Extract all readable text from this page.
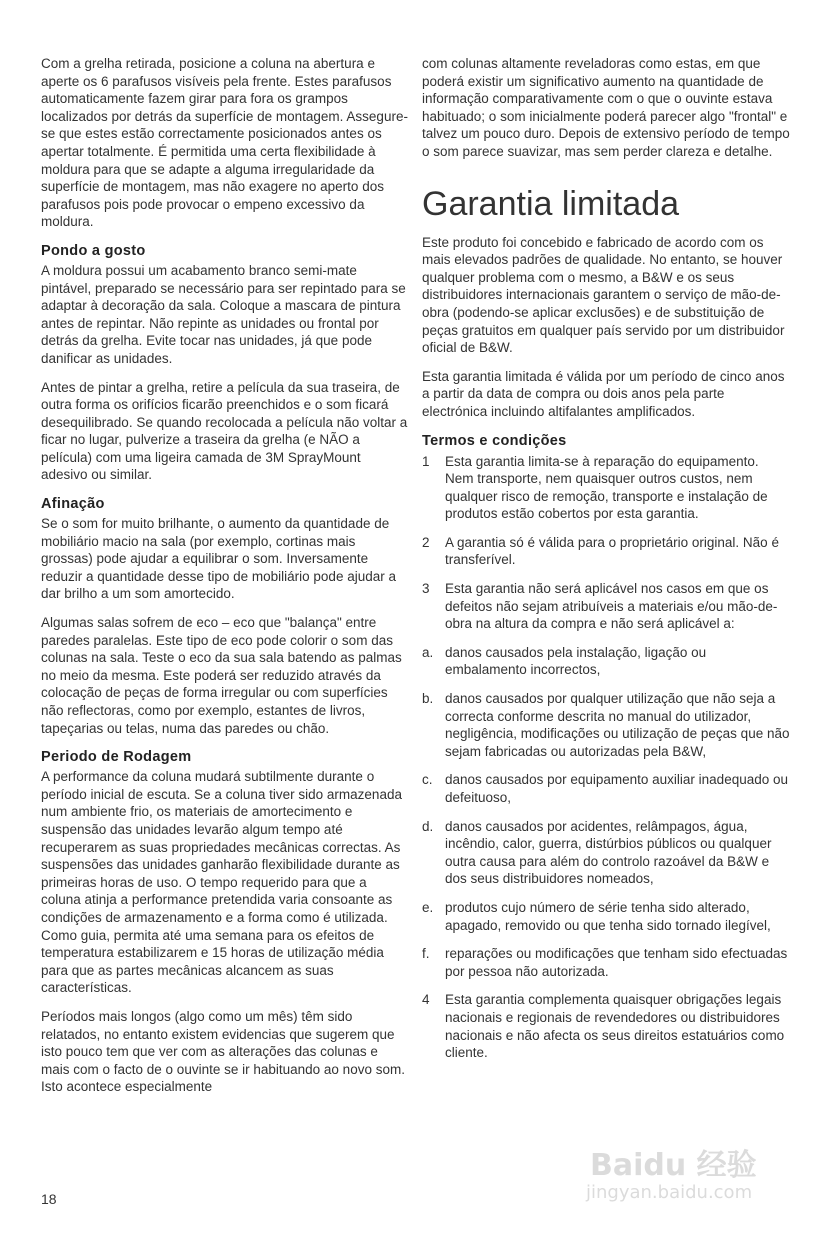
Com a grelha retirada, posicione a coluna na abertura e aperte os 6 parafusos visíveis pela frente. Estes parafusos automaticamente fazem girar para fora os grampos localizados por detrás da superfície de montagem. Assegure-se que estes estão correctamente posicionados antes os apertar totalmente. É permitida uma certa flexibilidade à moldura para que se adapte a alguma irregularidade da superfície de montagem, mas não exagere no aperto dos parafusos pois pode provocar o empeno excessivo da moldura.

Pondo a gosto

A moldura possui um acabamento branco semi-mate pintável, preparado se necessário para ser repintado para se adaptar à decoração da sala. Coloque a mascara de pintura antes de repintar. Não repinte as unidades ou frontal por detrás da grelha. Evite tocar nas unidades, já que pode danificar as unidades.

Antes de pintar a grelha, retire a película da sua traseira, de outra forma os orifícios ficarão preenchidos e o som ficará desequilibrado. Se quando recolocada a película não voltar a ficar no lugar, pulverize a traseira da grelha (e NÃO a película) com uma ligeira camada de 3M SprayMount adesivo ou similar.

Afinação

Se o som for muito brilhante, o aumento da quantidade de mobiliário macio na sala (por exemplo, cortinas mais grossas) pode ajudar a equilibrar o som. Inversamente reduzir a quantidade desse tipo de mobiliário pode ajudar a dar brilho a um som amortecido.

Algumas salas sofrem de eco – eco que "balança" entre paredes paralelas. Este tipo de eco pode colorir o som das colunas na sala. Teste o eco da sua sala batendo as palmas no meio da mesma. Este poderá ser reduzido através da colocação de peças de forma irregular ou com superfícies não reflectoras, como por exemplo, estantes de livros, tapeçarias ou telas, numa das paredes ou chão.

Periodo de Rodagem

A performance da coluna mudará subtilmente durante o período inicial de escuta. Se a coluna tiver sido armazenada num ambiente frio, os materiais de amortecimento e suspensão das unidades levarão algum tempo até recuperarem as suas propriedades mecânicas correctas. As suspensões das unidades ganharão flexibilidade durante as primeiras horas de uso. O tempo requerido para que a coluna atinja a performance pretendida varia consoante as condições de armazenamento e a forma como é utilizada. Como guia, permita até uma semana para os efeitos de temperatura estabilizarem e 15 horas de utilização média para que as partes mecânicas alcancem as suas características.

Períodos mais longos (algo como um mês) têm sido relatados, no entanto existem evidencias que sugerem que isto pouco tem que ver com as alterações das colunas e mais com o facto de o ouvinte se ir habituando ao novo som. Isto acontece especialmente

com colunas altamente reveladoras como estas, em que poderá existir um significativo aumento na quantidade de informação comparativamente com o que o ouvinte estava habituado; o som inicialmente poderá parecer algo "frontal" e talvez um pouco duro. Depois de extensivo período de tempo o som parece suavizar, mas sem perder clareza e detalhe.

Garantia limitada

Este produto foi concebido e fabricado de acordo com os mais elevados padrões de qualidade. No entanto, se houver qualquer problema com o mesmo, a B&W e os seus distribuidores internacionais garantem o serviço de mão-de-obra (podendo-se aplicar exclusões) e de substituição de peças gratuitos em qualquer país servido por um distribuidor oficial de B&W.

Esta garantia limitada é válida por um período de cinco anos a partir da data de compra ou dois anos pela parte electrónica incluindo altifalantes amplificados.

Termos e condições
1	Esta garantia limita-se à reparação do equipamento. Nem transporte, nem quaisquer outros custos, nem qualquer risco de remoção, transporte e instalação de produtos estão cobertos por esta garantia.
2	A garantia só é válida para o proprietário original. Não é transferível.
3	Esta garantia não será aplicável nos casos em que os defeitos não sejam atribuíveis a materiais e/ou mão-de-obra na altura da compra e não será aplicável a:
a. danos causados pela instalação, ligação ou embalamento incorrectos,
b. danos causados por qualquer utilização que não seja a correcta conforme descrita no manual do utilizador, negligência, modificações ou utilização de peças que não sejam fabricadas ou autorizadas pela B&W,
c. danos causados por equipamento auxiliar inadequado ou defeituoso,
d. danos causados por acidentes, relâmpagos, água, incêndio, calor, guerra, distúrbios públicos ou qualquer outra causa para além do controlo razoável da B&W e dos seus distribuidores nomeados,
e. produtos cujo número de série tenha sido alterado, apagado, removido ou que tenha sido tornado ilegível,
f.	reparações ou modificações que tenham sido efectuadas por pessoa não autorizada.
4	Esta garantia complementa quaisquer obrigações legais nacionais e regionais de revendedores ou distribuidores nacionais e não afecta os seus direitos estatuários como cliente.
18
Baidu 经验
jingyan.baidu.com
